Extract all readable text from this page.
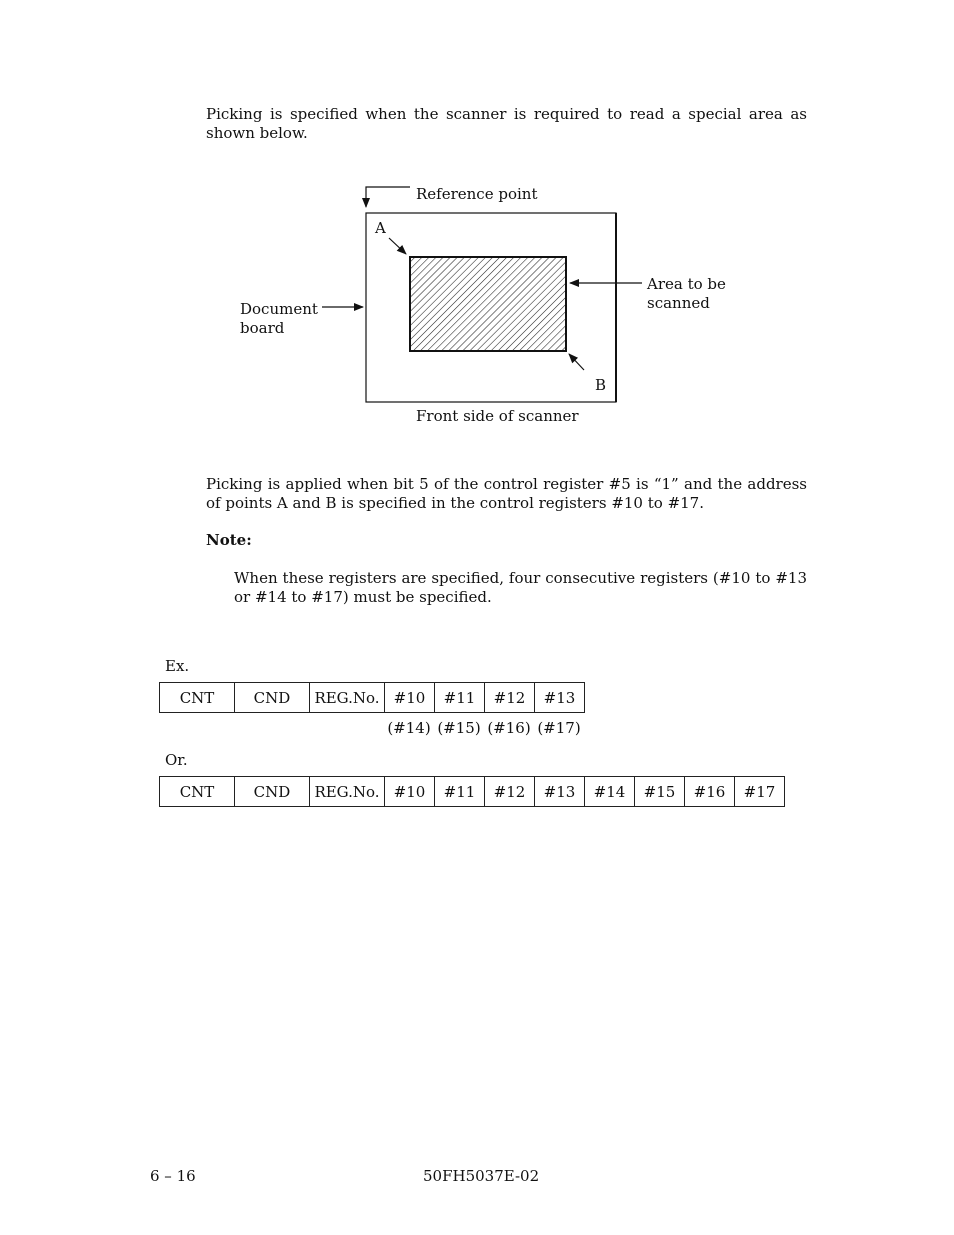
Picking is specified when the scanner is required to read a special area as shown below.

Reference point
A
B
Area to be
scanned
Document
board
Front side of scanner

Picking is applied when bit 5 of the control register #5 is “1” and the address of points A and B is specified in the control registers #10 to #17.

Note:

When these registers are specified, four consecutive registers (#10 to #13 or #14 to #17) must be specified.

Ex.
CNT	CND	REG.No.	#10	#11	#12	#13
(#14) (#15) (#16) (#17)
Or.
CNT	CND	REG.No.	#10	#11	#12	#13	#14	#15	#16	#17
6 – 16	50FH5037E-02
